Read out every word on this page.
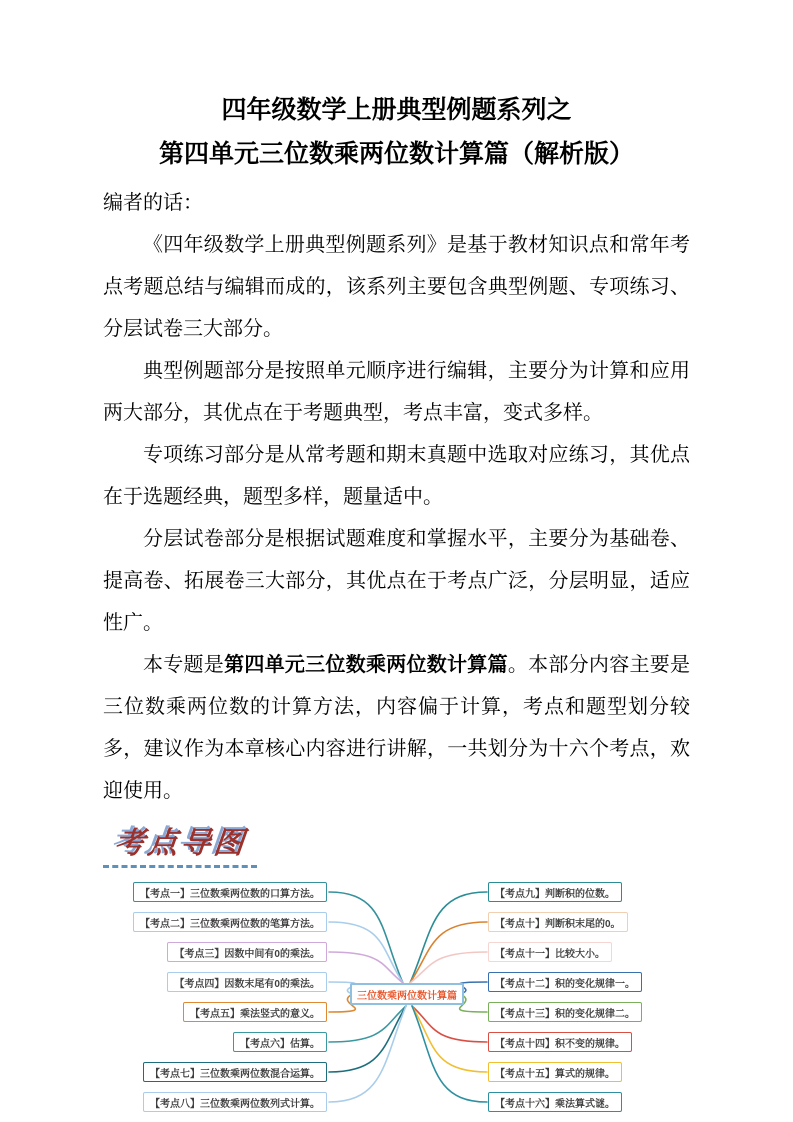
四年级数学上册典型例题系列之
第四单元三位数乘两位数计算篇（解析版）

编者的话：

《四年级数学上册典型例题系列》是基于教材知识点和常年考点考题总结与编辑而成的，该系列主要包含典型例题、专项练习、分层试卷三大部分。

典型例题部分是按照单元顺序进行编辑，主要分为计算和应用两大部分，其优点在于考题典型，考点丰富，变式多样。

专项练习部分是从常考题和期末真题中选取对应练习，其优点在于选题经典，题型多样，题量适中。

分层试卷部分是根据试题难度和掌握水平，主要分为基础卷、提高卷、拓展卷三大部分，其优点在于考点广泛，分层明显，适应性广。

本专题是第四单元三位数乘两位数计算篇。本部分内容主要是三位数乘两位数的计算方法，内容偏于计算，考点和题型划分较多，建议作为本章核心内容进行讲解，一共划分为十六个考点，欢迎使用。

考点导图
【考点一】三位数乘两位数的口算方法。
【考点二】三位数乘两位数的笔算方法。
【考点三】因数中间有0的乘法。
【考点四】因数末尾有0的乘法。
【考点五】乘法竖式的意义。
【考点六】估算。
【考点七】三位数乘两位数混合运算。
【考点八】三位数乘两位数列式计算。
【考点九】判断积的位数。
【考点十】判断积末尾的0。
【考点十一】比较大小。
【考点十二】积的变化规律一。
【考点十三】积的变化规律二。
【考点十四】积不变的规律。
【考点十五】算式的规律。
【考点十六】乘法算式谜。
三位数乘两位数计算篇
